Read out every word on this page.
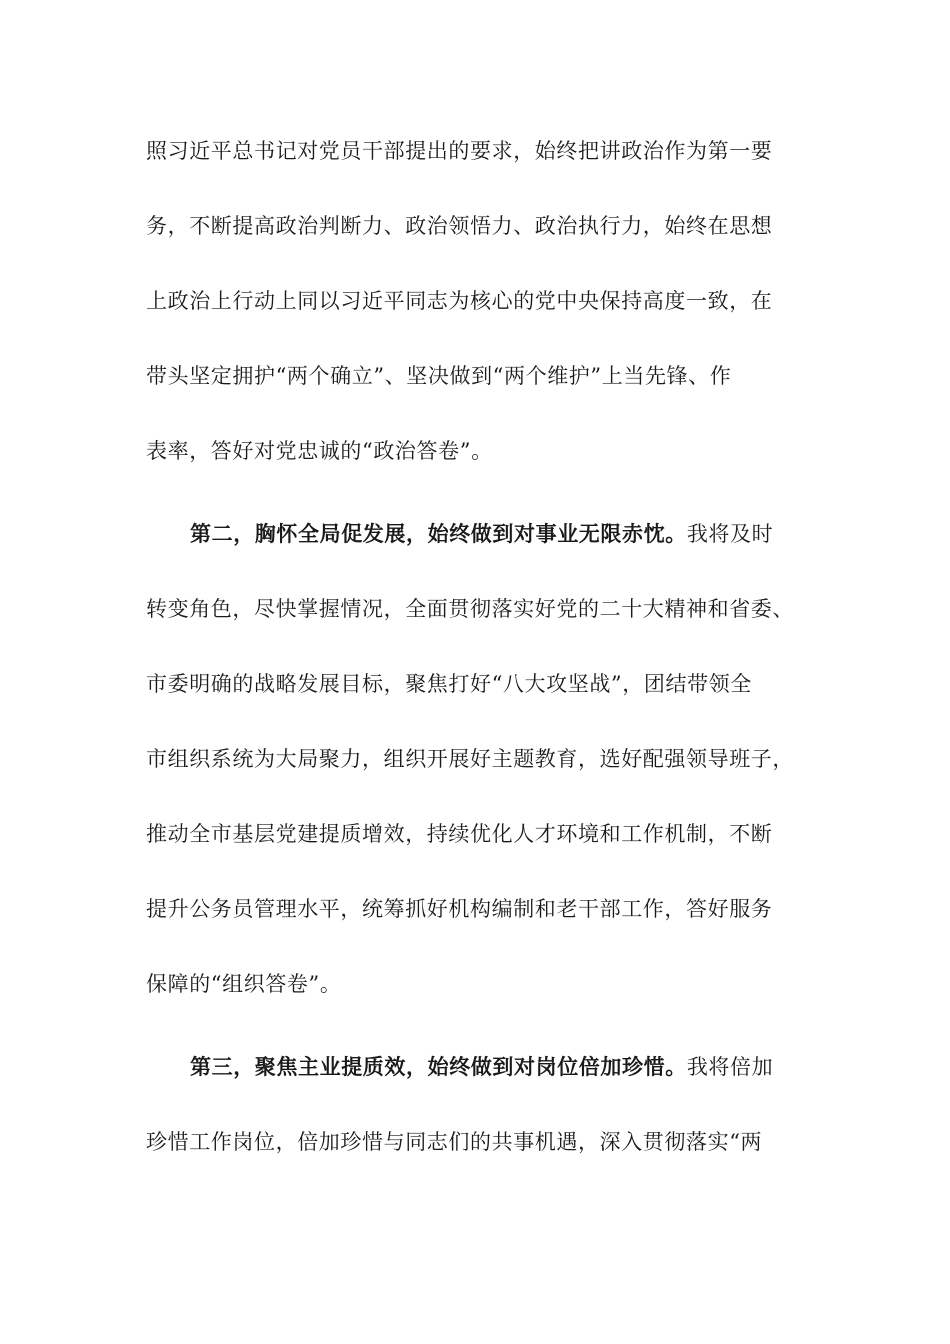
照习近平总书记对党员干部提出的要求，始终把讲政治作为第一要
务，不断提高政治判断力、政治领悟力、政治执行力，始终在思想
上政治上行动上同以习近平同志为核心的党中央保持高度一致，在
带头坚定拥护“两个确立”、坚决做到“两个维护”上当先锋、作
表率，答好对党忠诚的“政治答卷”。
第二，胸怀全局促发展，始终做到对事业无限赤忱。我将及时
转变角色，尽快掌握情况，全面贯彻落实好党的二十大精神和省委、
市委明确的战略发展目标，聚焦打好“八大攻坚战”，团结带领全
市组织系统为大局聚力，组织开展好主题教育，选好配强领导班子，
推动全市基层党建提质增效，持续优化人才环境和工作机制，不断
提升公务员管理水平，统筹抓好机构编制和老干部工作，答好服务
保障的“组织答卷”。
第三，聚焦主业提质效，始终做到对岗位倍加珍惜。我将倍加
珍惜工作岗位，倍加珍惜与同志们的共事机遇，深入贯彻落实“两
